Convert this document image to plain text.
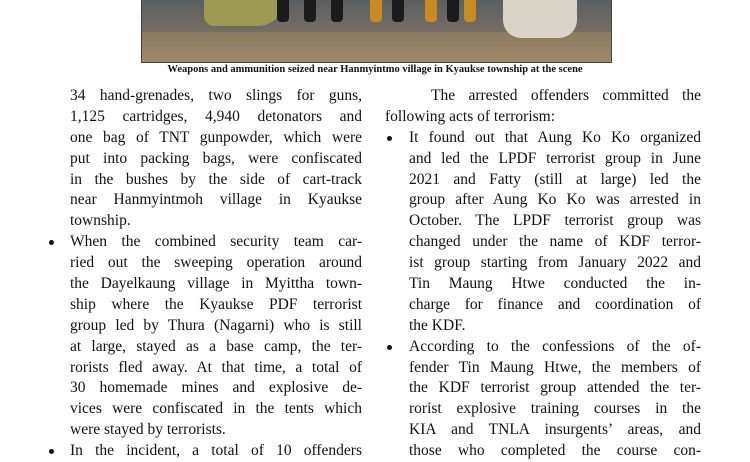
Weapons and ammunition seized near Hanmyintmo village in Kyaukse township at the scene
34 hand-grenades, two slings for guns,
1,125 cartridges, 4,940 detonators and
one bag of TNT gunpowder, which were
put into packing bags, were confiscated
in the bushes by the side of cart-track
near Hanmyintmoh village in Kyaukse
township.
When the combined security team car-
ried out the sweeping operation around
the Dayelkaung village in Myittha town-
ship where the Kyaukse PDF terrorist
group led by Thura (Nagarni) who is still
at large, stayed as a base camp, the ter-
rorists fled away. At that time, a total of
30 homemade mines and explosive de-
vices were confiscated in the tents which
were stayed by terrorists.
In the incident, a total of 10 offenders
The arrested offenders committed the
following acts of terrorism:
It found out that Aung Ko Ko organized
and led the LPDF terrorist group in June
2021 and Fatty (still at large) led the
group after Aung Ko Ko was arrested in
October. The LPDF terrorist group was
changed under the name of KDF terror-
ist group starting from January 2022 and
Tin Maung Htwe conducted the in-
charge for finance and coordination of
the KDF.
According to the confessions of the of-
fender Tin Maung Htwe, the members of
the KDF terrorist group attended the ter-
rorist explosive training courses in the
KIA and TNLA insurgents’ areas, and
those who completed the course con-
